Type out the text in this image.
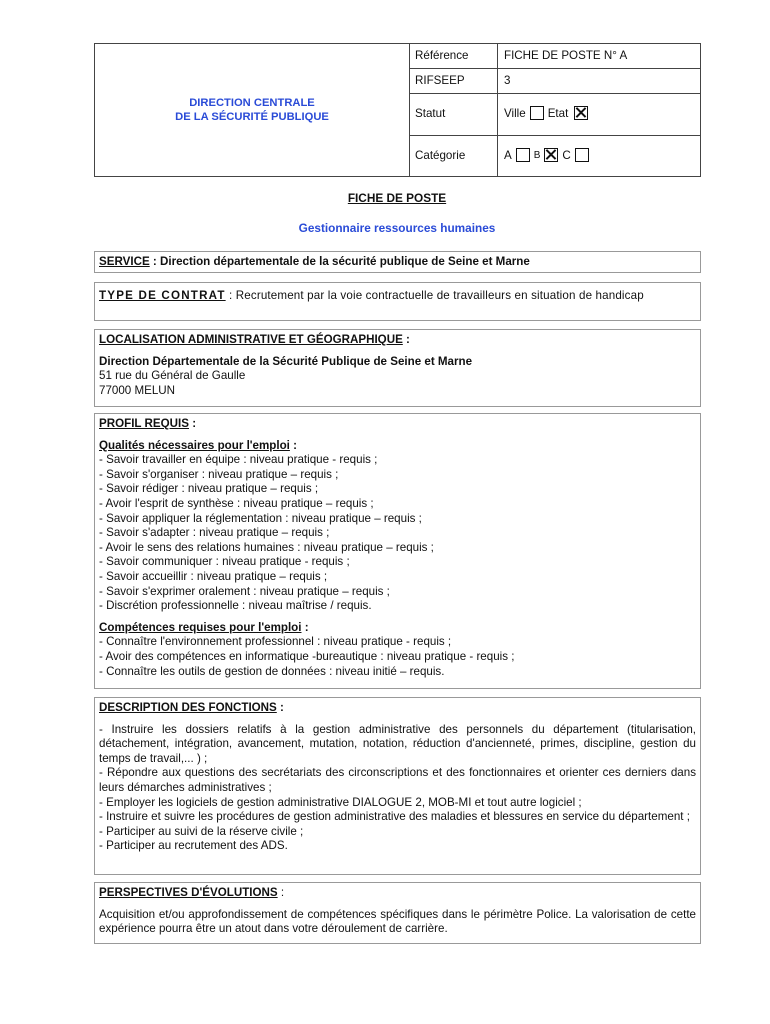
DIRECTION CENTRALE
DE LA SÉCURITÉ PUBLIQUE
Référence	FICHE DE POSTE N° A
RIFSEEP	3
Statut	Ville Etat
Catégorie	A B C
FICHE DE POSTE
Gestionnaire ressources humaines
SERVICE : Direction départementale de la sécurité publique de Seine et Marne
TYPE DE CONTRAT : Recrutement par la voie contractuelle de travailleurs en situation de handicap
LOCALISATION ADMINISTRATIVE ET GÉOGRAPHIQUE :
Direction Départementale de la Sécurité Publique de Seine et Marne
51 rue du Général de Gaulle
77000 MELUN
PROFIL REQUIS :
Qualités nécessaires pour l'emploi :
- Savoir travailler en équipe : niveau pratique - requis ;
- Savoir s'organiser : niveau pratique – requis ;
- Savoir rédiger : niveau pratique – requis ;
- Avoir l'esprit de synthèse : niveau pratique – requis ;
- Savoir appliquer la réglementation : niveau pratique – requis ;
- Savoir s'adapter : niveau pratique – requis ;
- Avoir le sens des relations humaines : niveau pratique – requis ;
- Savoir communiquer : niveau pratique - requis ;
- Savoir accueillir : niveau pratique – requis ;
- Savoir s'exprimer oralement : niveau pratique – requis ;
- Discrétion professionnelle : niveau maîtrise / requis.
Compétences requises pour l'emploi :
- Connaître l'environnement professionnel : niveau pratique - requis ;
- Avoir des compétences en informatique -bureautique : niveau pratique - requis ;
- Connaître les outils de gestion de données : niveau initié – requis.
DESCRIPTION DES FONCTIONS :
- Instruire les dossiers relatifs à la gestion administrative des personnels du département (titularisation, détachement, intégration, avancement, mutation, notation, réduction d'ancienneté, primes, discipline, gestion du temps de travail,... ) ;
- Répondre aux questions des secrétariats des circonscriptions et des fonctionnaires et orienter ces derniers dans leurs démarches administratives ;
- Employer les logiciels de gestion administrative DIALOGUE 2, MOB-MI et tout autre logiciel ;
- Instruire et suivre les procédures de gestion administrative des maladies et blessures en service du département ;
- Participer au suivi de la réserve civile ;
- Participer au recrutement des ADS.
PERSPECTIVES D'ÉVOLUTIONS :
Acquisition et/ou approfondissement de compétences spécifiques dans le périmètre Police. La valorisation de cette expérience pourra être un atout dans votre déroulement de carrière.
